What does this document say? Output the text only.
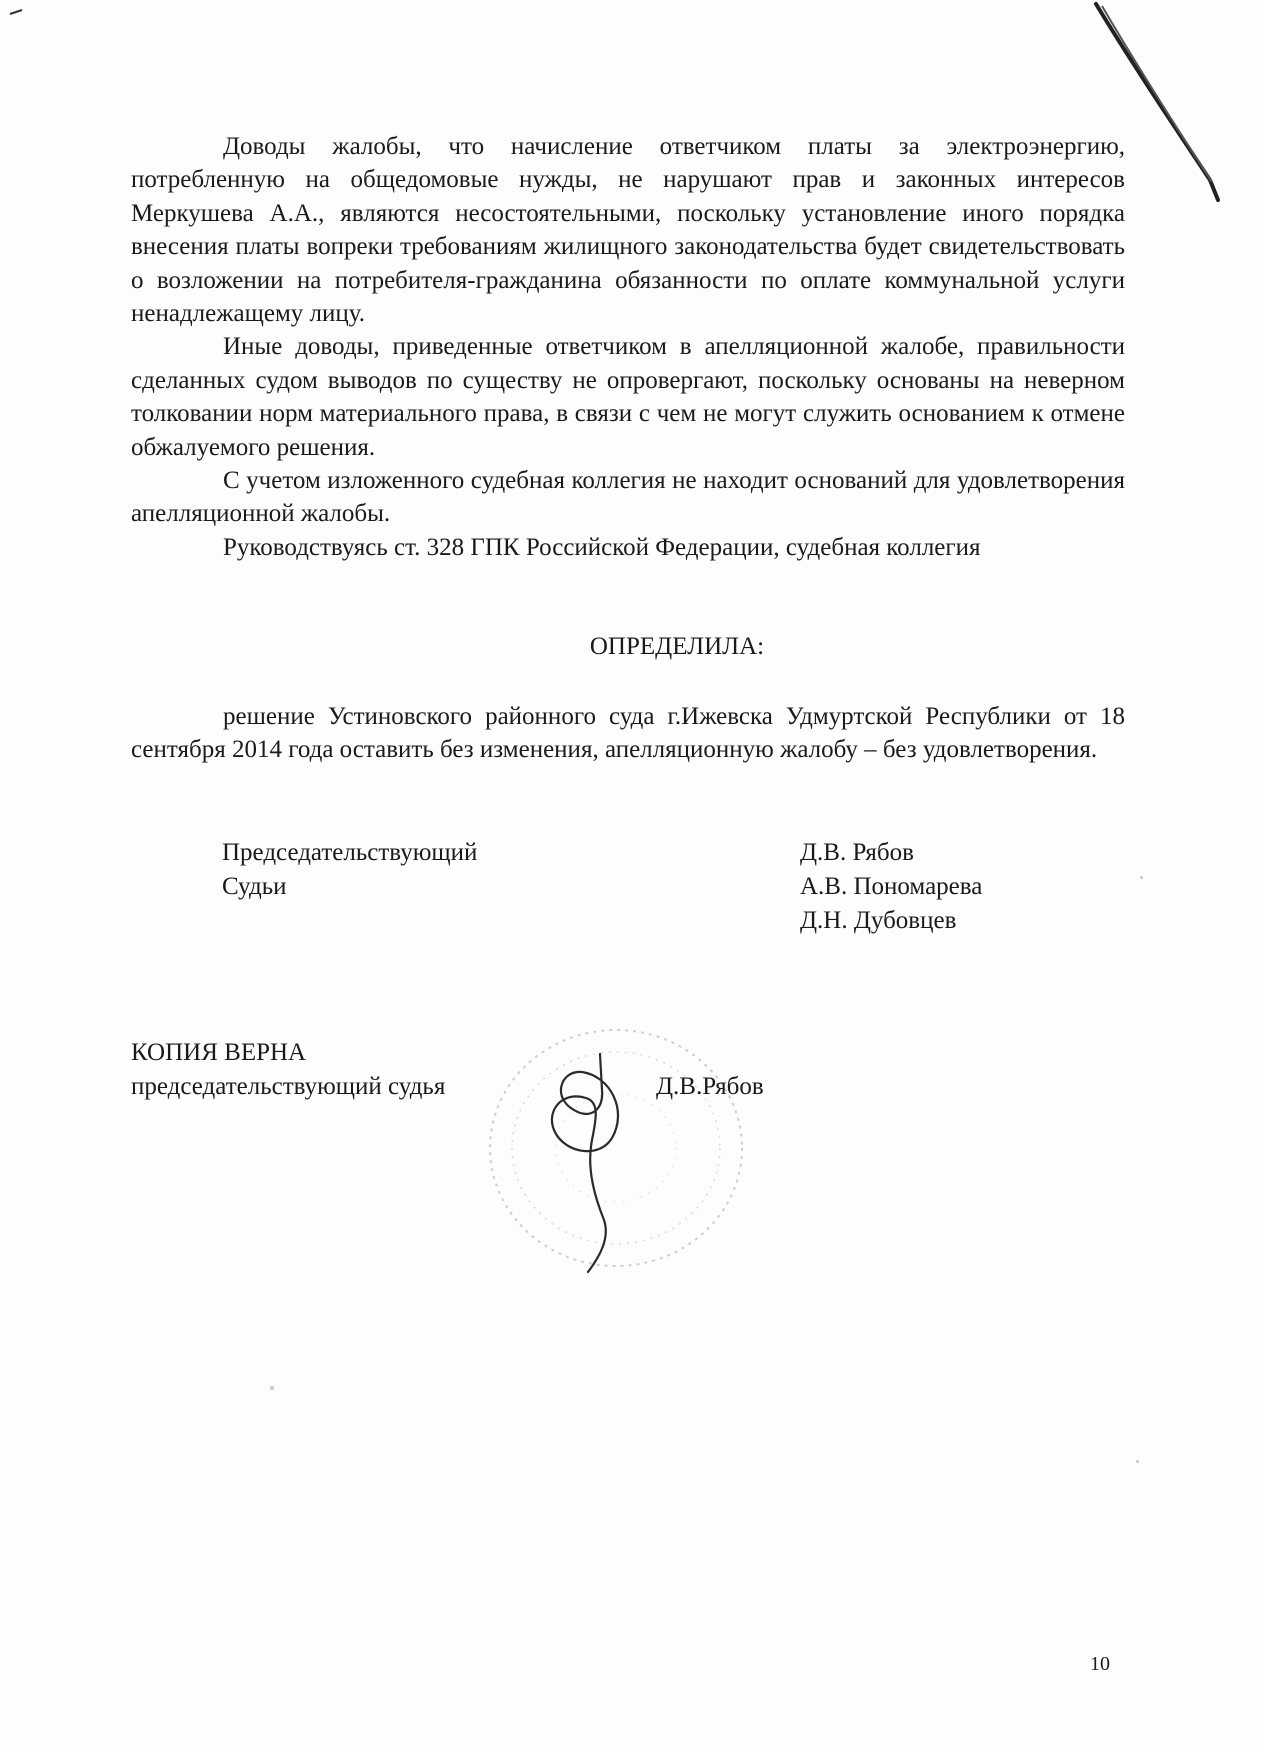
Доводы жалобы, что начисление ответчиком платы за электроэнергию, потребленную на общедомовые нужды, не нарушают прав и законных интересов Меркушева А.А., являются несостоятельными, поскольку установление иного порядка внесения платы вопреки требованиям жилищного законодательства будет свидетельствовать о возложении на потребителя-гражданина обязанности по оплате коммунальной услуги ненадлежащему лицу.

Иные доводы, приведенные ответчиком в апелляционной жалобе, правильности сделанных судом выводов по существу не опровергают, поскольку основаны на неверном толковании норм материального права, в связи с чем не могут служить основанием к отмене обжалуемого решения.

С учетом изложенного судебная коллегия не находит оснований для удовлетворения апелляционной жалобы.

Руководствуясь ст. 328 ГПК Российской Федерации, судебная коллегия

ОПРЕДЕЛИЛА:

решение Устиновского районного суда г.Ижевска Удмуртской Республики от 18 сентября 2014 года оставить без изменения, апелляционную жалобу – без удовлетворения.

Председательствующий
Судьи
Д.В. Рябов
А.В. Пономарева
Д.Н. Дубовцев
КОПИЯ ВЕРНА
председательствующий судья	Д.В.Рябов
10
